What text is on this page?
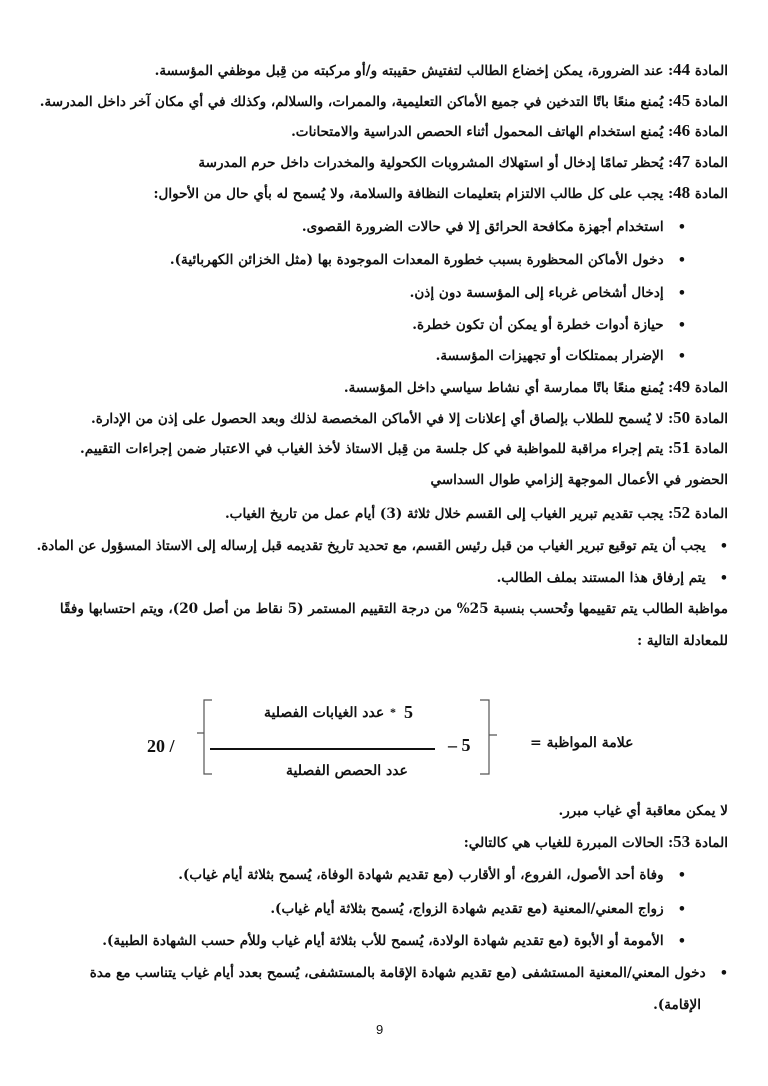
المادة 44: عند الضرورة، يمكن إخضاع الطالب لتفتيش حقيبته و/أو مركبته من قِبل موظفي المؤسسة.
المادة 45: يُمنع منعًا باتًا التدخين في جميع الأماكن التعليمية، والممرات، والسلالم، وكذلك في أي مكان آخر داخل المدرسة.
المادة 46: يُمنع استخدام الهاتف المحمول أثناء الحصص الدراسية والامتحانات.
المادة 47: يُحظر تمامًا إدخال أو استهلاك المشروبات الكحولية والمخدرات داخل حرم المدرسة
المادة 48: يجب على كل طالب الالتزام بتعليمات النظافة والسلامة، ولا يُسمح له بأي حال من الأحوال:
• استخدام أجهزة مكافحة الحرائق إلا في حالات الضرورة القصوى.
• دخول الأماكن المحظورة بسبب خطورة المعدات الموجودة بها (مثل الخزائن الكهربائية).
• إدخال أشخاص غرباء إلى المؤسسة دون إذن.
• حيازة أدوات خطرة أو يمكن أن تكون خطرة.
• الإضرار بممتلكات أو تجهيزات المؤسسة.
المادة 49: يُمنع منعًا باتًا ممارسة أي نشاط سياسي داخل المؤسسة.
المادة 50: لا يُسمح للطلاب بإلصاق أي إعلانات إلا في الأماكن المخصصة لذلك وبعد الحصول على إذن من الإدارة.
المادة 51: يتم إجراء مراقبة للمواظبة في كل جلسة من قِبل الاستاذ لأخذ الغياب في الاعتبار ضمن إجراءات التقييم.
الحضور في الأعمال الموجهة إلزامي طوال السداسي
المادة 52: يجب تقديم تبرير الغياب إلى القسم خلال ثلاثة (3) أيام عمل من تاريخ الغياب.
• يجب أن يتم توقيع تبرير الغياب من قبل رئيس القسم، مع تحديد تاريخ تقديمه قبل إرساله إلى الاستاذ المسؤول عن المادة.
• يتم إرفاق هذا المستند بملف الطالب.
مواظبة الطالب يتم تقييمها وتُحسب بنسبة 25% من درجة التقييم المستمر (5 نقاط من أصل 20)، ويتم احتسابها وفقًا
للمعادلة التالية :
علامة المواظبة =
5
*
عدد الغيابات الفصلية
عدد الحصص الفصلية
– 5
20 /
لا يمكن معاقبة أي غياب مبرر.
المادة 53: الحالات المبررة للغياب هي كالتالي:
• وفاة أحد الأصول، الفروع، أو الأقارب (مع تقديم شهادة الوفاة، يُسمح بثلاثة أيام غياب).
• زواج المعني/المعنية (مع تقديم شهادة الزواج، يُسمح بثلاثة أيام غياب).
• الأمومة أو الأبوة (مع تقديم شهادة الولادة، يُسمح للأب بثلاثة أيام غياب وللأم حسب الشهادة الطبية).
• دخول المعني/المعنية المستشفى (مع تقديم شهادة الإقامة بالمستشفى، يُسمح بعدد أيام غياب يتناسب مع مدة
الإقامة).
9
